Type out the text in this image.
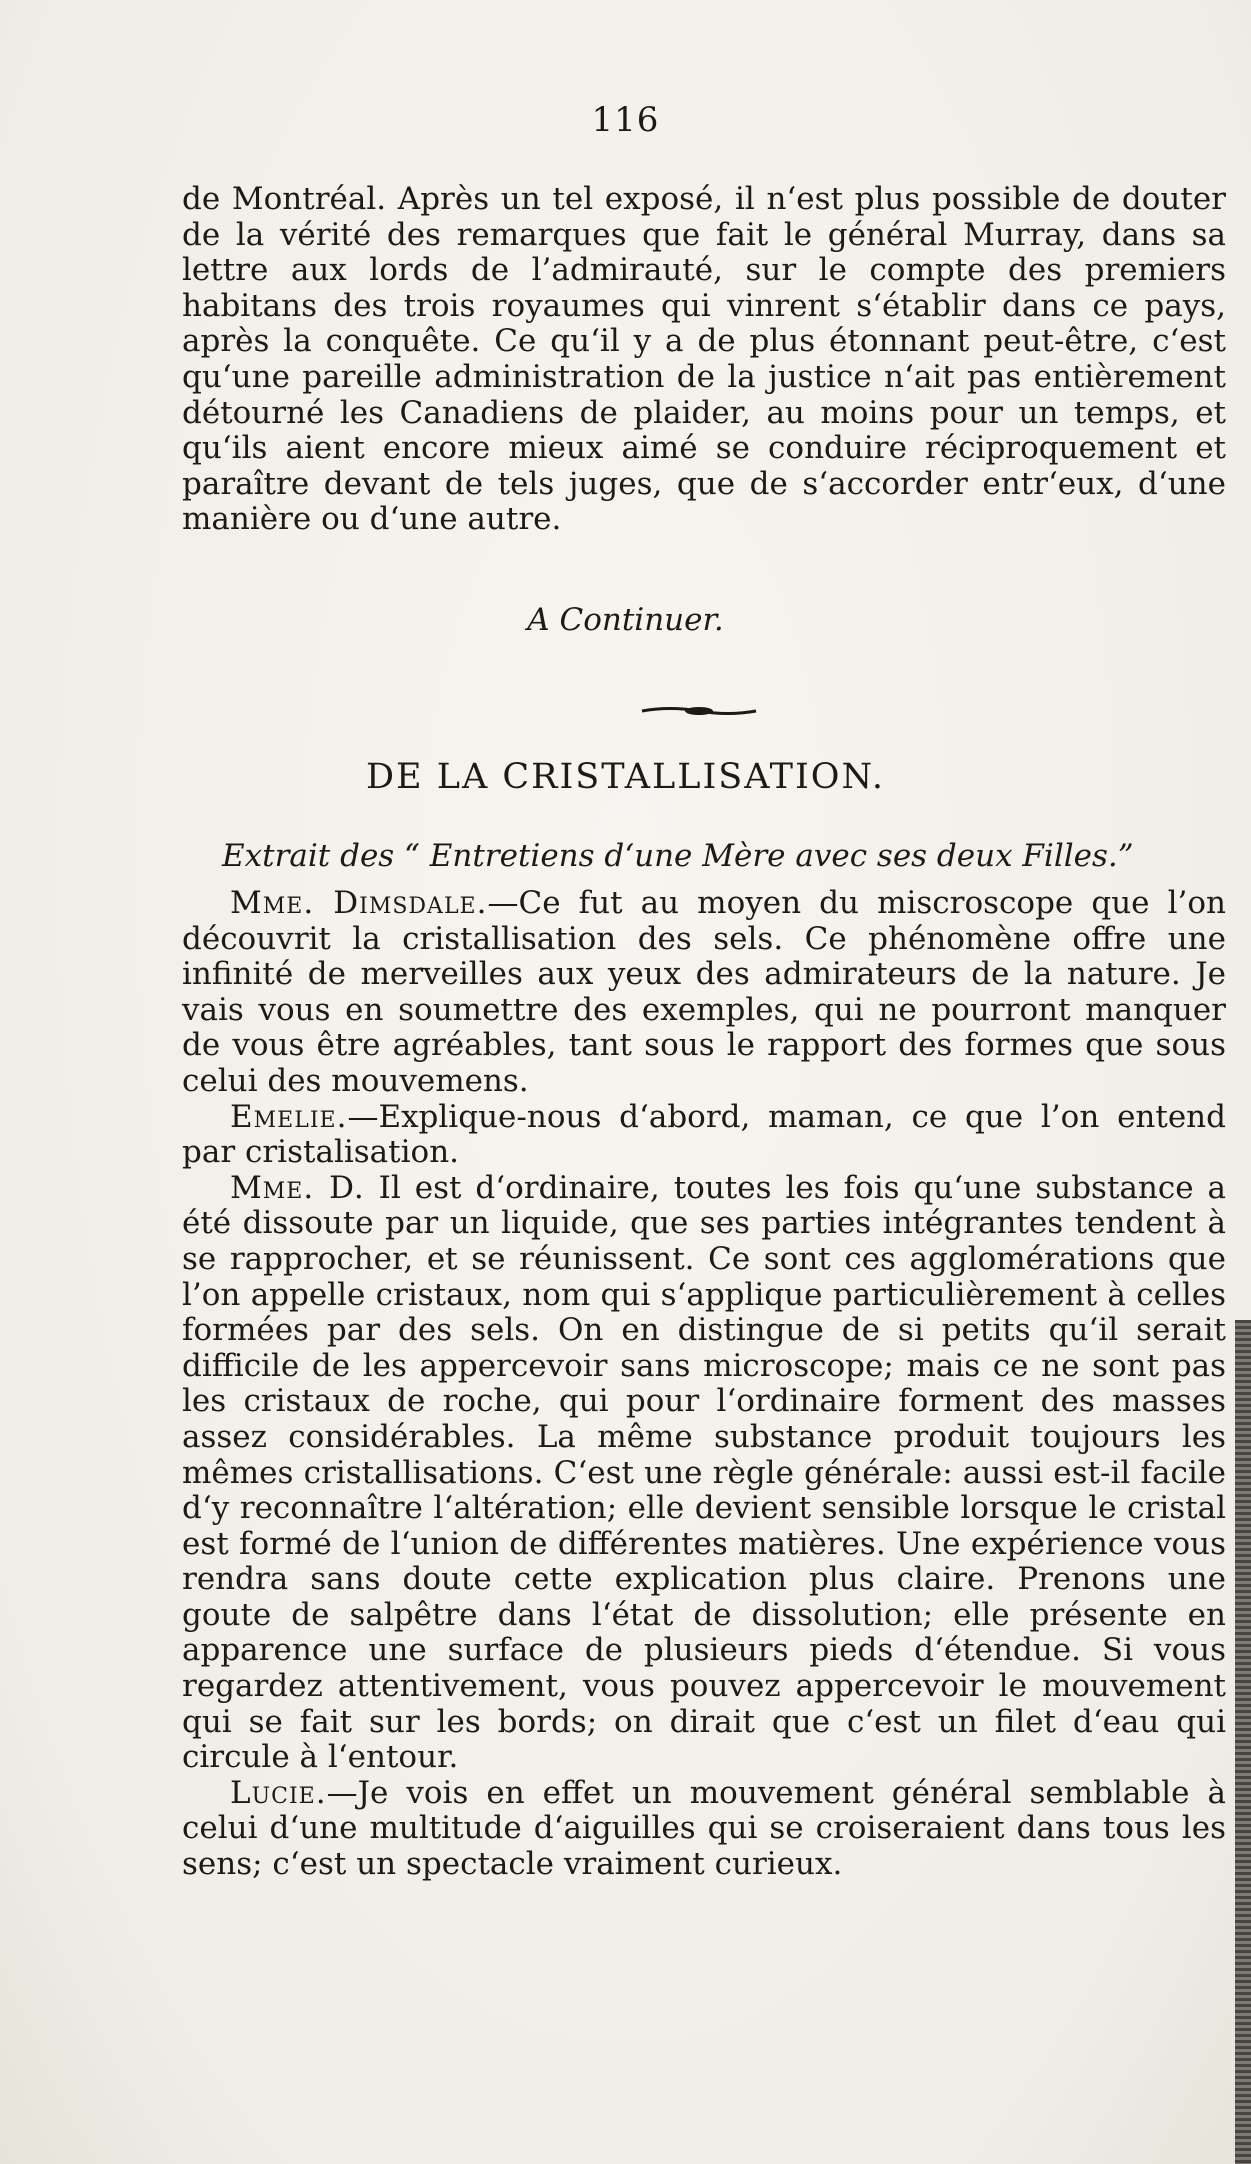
116

de Montréal. Après un tel exposé, il n‘est plus possible de douter de la vérité des remarques que fait le général Murray, dans sa lettre aux lords de l’admirauté, sur le compte des premiers habitans des trois royaumes qui vinrent s‘établir dans ce pays, après la conquête. Ce qu‘il y a de plus étonnant peut-être, c‘est qu‘une pareille administration de la justice n‘ait pas entièrement détourné les Canadiens de plaider, au moins pour un temps, et qu‘ils aient encore mieux aimé se conduire réciproquement et paraître devant de tels juges, que de s‘accorder entr‘eux, d‘une manière ou d‘une autre.

A Continuer.
DE LA CRISTALLISATION.
Extrait des “ Entretiens d‘une Mère avec ses deux Filles.”

Mme. Dimsdale.—Ce fut au moyen du miscroscope que l’on découvrit la cristallisation des sels. Ce phénomène offre une infinité de merveilles aux yeux des admirateurs de la nature. Je vais vous en soumettre des exemples, qui ne pourront manquer de vous être agréables, tant sous le rapport des formes que sous celui des mouvemens.

Emelie.—Explique-nous d‘abord, maman, ce que l’on entend par cristalisation.

Mme. D. Il est d‘ordinaire, toutes les fois qu‘une substance a été dissoute par un liquide, que ses parties intégrantes tendent à se rapprocher, et se réunissent. Ce sont ces agglomérations que l’on appelle cristaux, nom qui s‘applique particulièrement à celles formées par des sels. On en distingue de si petits qu‘il serait difficile de les appercevoir sans microscope; mais ce ne sont pas les cristaux de roche, qui pour l‘ordinaire forment des masses assez considérables. La même substance produit toujours les mêmes cristallisations. C‘est une règle générale: aussi est-il facile d‘y reconnaître l‘altération; elle devient sensible lorsque le cristal est formé de l‘union de différentes matières. Une expérience vous rendra sans doute cette explication plus claire. Prenons une goute de salpêtre dans l‘état de dissolution; elle présente en apparence une surface de plusieurs pieds d‘étendue. Si vous regardez attentivement, vous pouvez appercevoir le mouvement qui se fait sur les bords; on dirait que c‘est un filet d‘eau qui circule à l‘entour.

Lucie.—Je vois en effet un mouvement général semblable à celui d‘une multitude d‘aiguilles qui se croiseraient dans tous les sens; c‘est un spectacle vraiment curieux.
